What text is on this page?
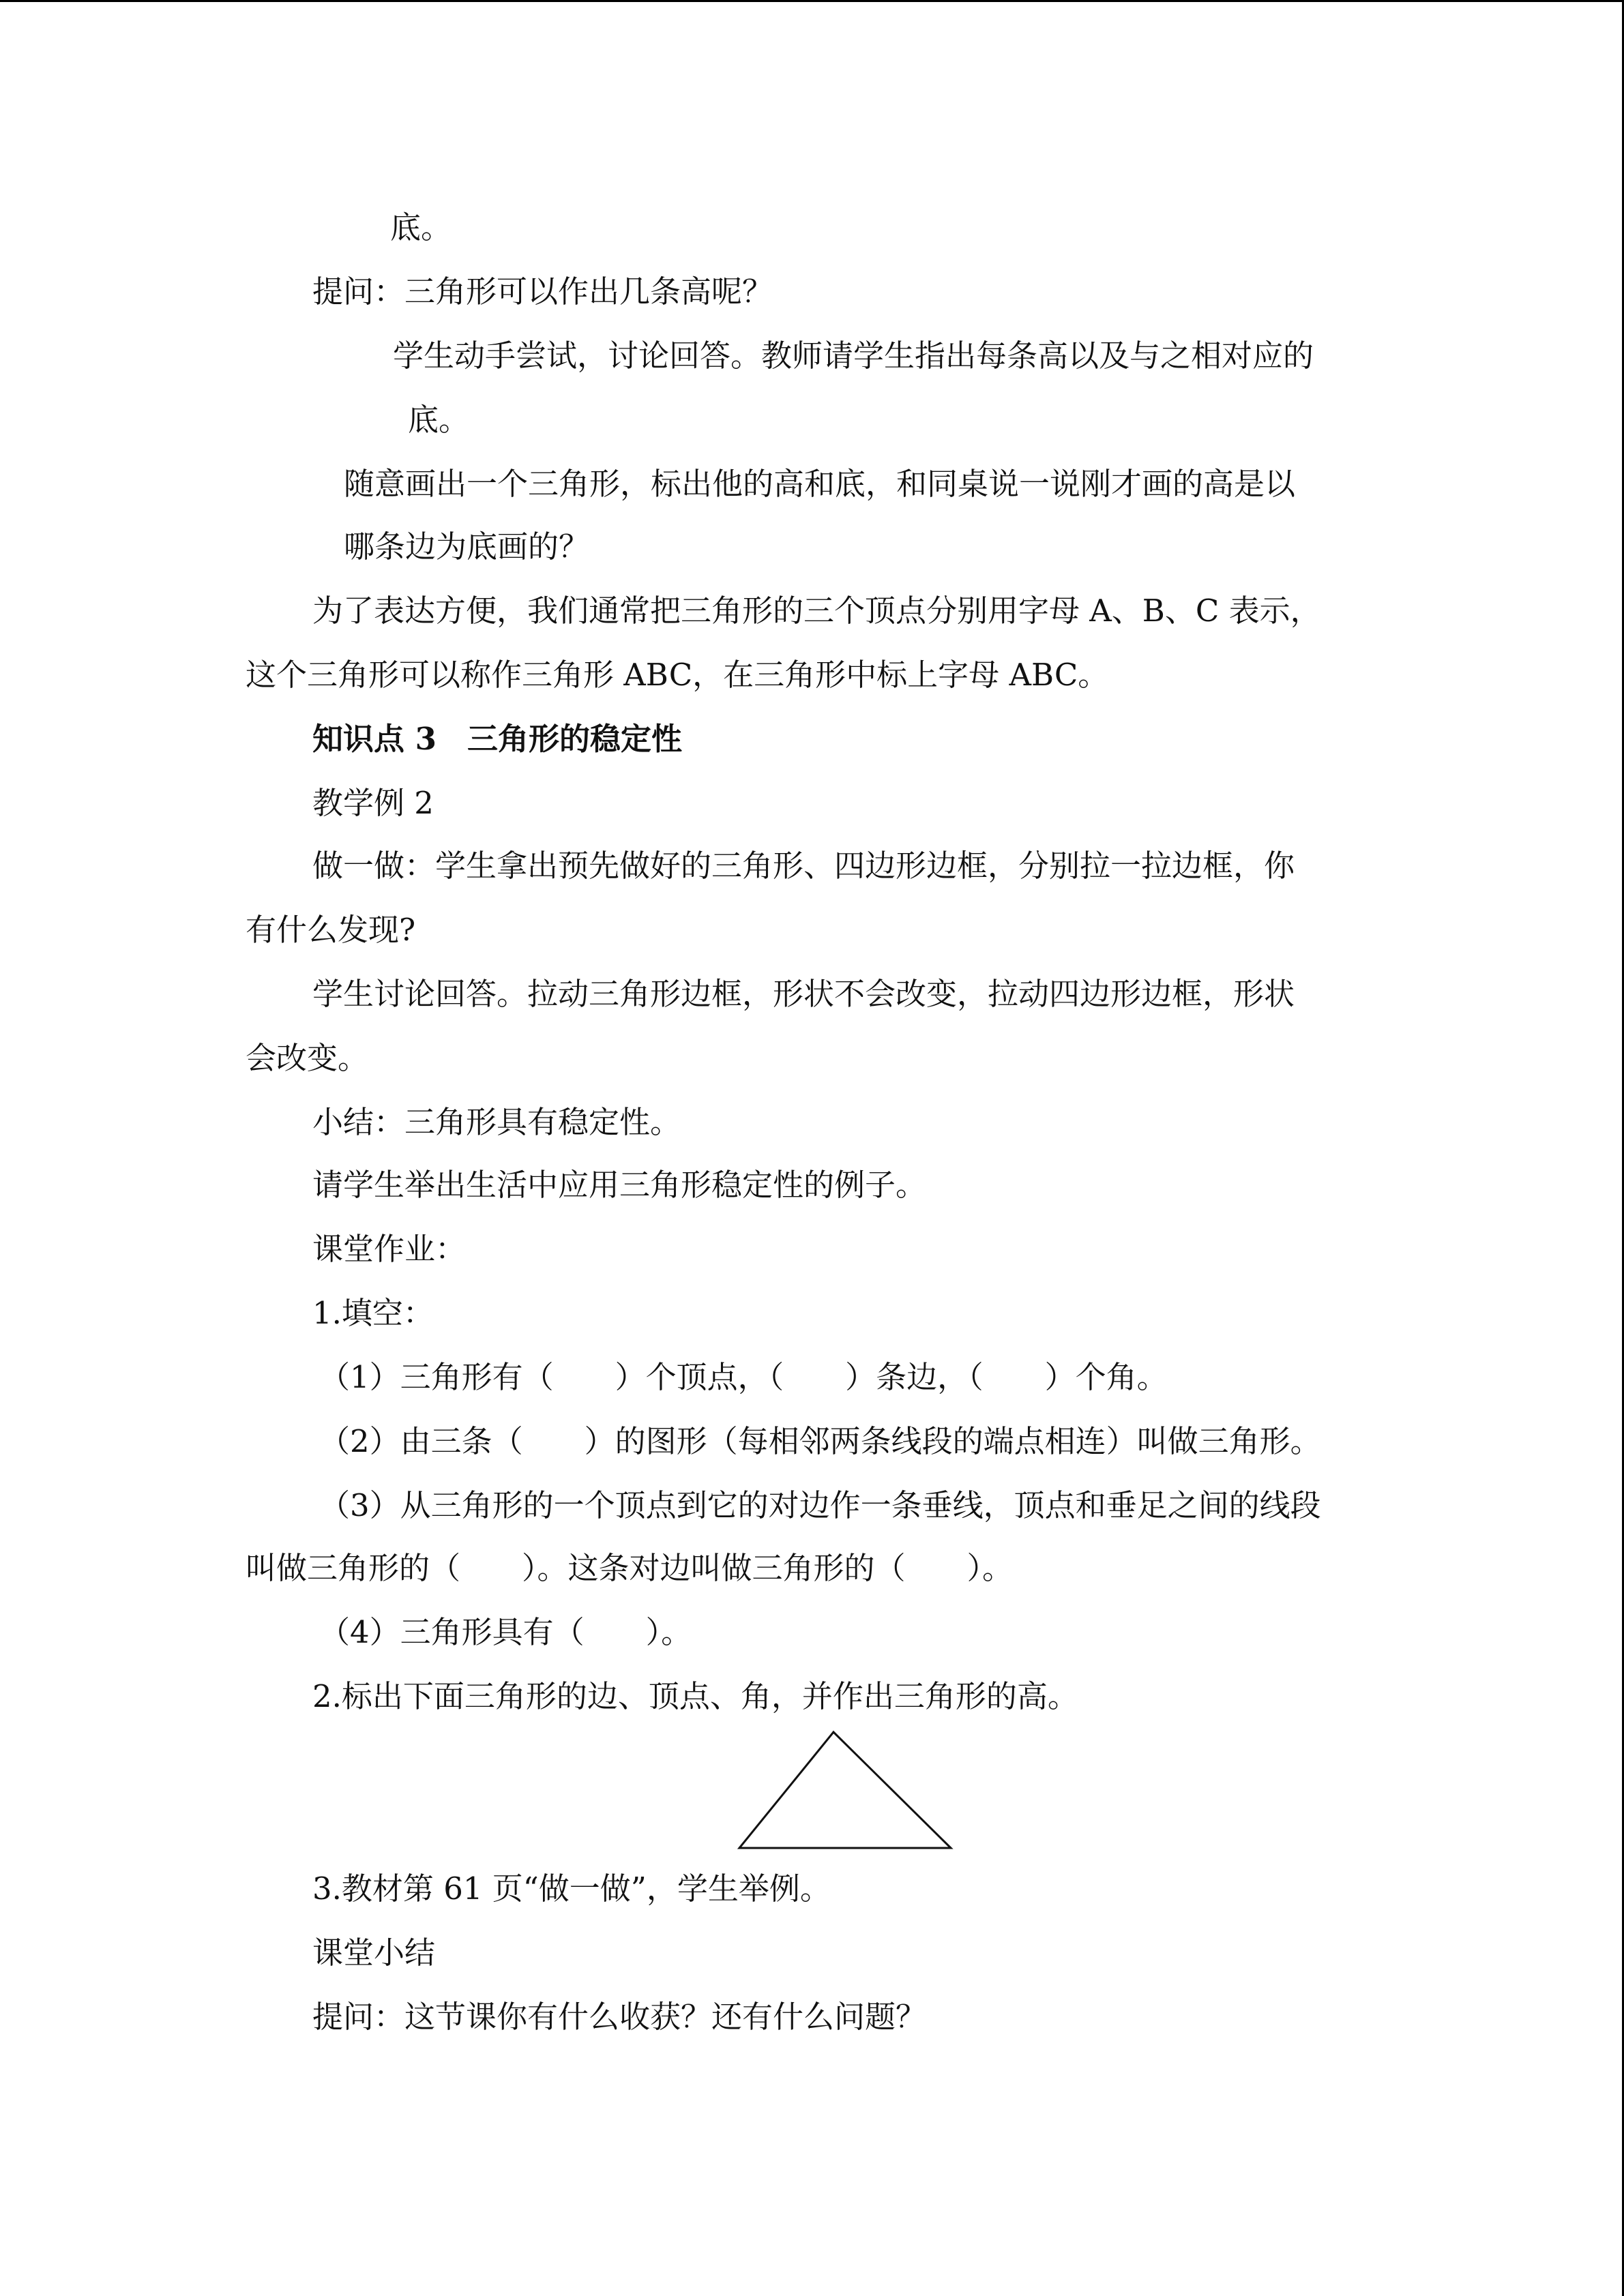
底。
提问：三角形可以作出几条高呢？
学生动手尝试，讨论回答。教师请学生指出每条高以及与之相对应的
底。
随意画出一个三角形，标出他的高和底，和同桌说一说刚才画的高是以
哪条边为底画的？
为了表达方便，我们通常把三角形的三个顶点分别用字母 A、B、C 表示，
这个三角形可以称作三角形 ABC，在三角形中标上字母 ABC。
知识点 3　三角形的稳定性
教学例 2
做一做：学生拿出预先做好的三角形、四边形边框，分别拉一拉边框，你
有什么发现?
学生讨论回答。拉动三角形边框，形状不会改变，拉动四边形边框，形状
会改变。
小结：三角形具有稳定性。
请学生举出生活中应用三角形稳定性的例子。
课堂作业：
1.填空：
（1）三角形有（　　）个顶点，（　　）条边，（　　）个角。
（2）由三条（　　）的图形（每相邻两条线段的端点相连）叫做三角形。
（3）从三角形的一个顶点到它的对边作一条垂线，顶点和垂足之间的线段
叫做三角形的（　　）。这条对边叫做三角形的（　　）。
（4）三角形具有（　　）。
2.标出下面三角形的边、顶点、角，并作出三角形的高。
3.教材第 61 页“做一做”，学生举例。
课堂小结
提问：这节课你有什么收获？还有什么问题？
